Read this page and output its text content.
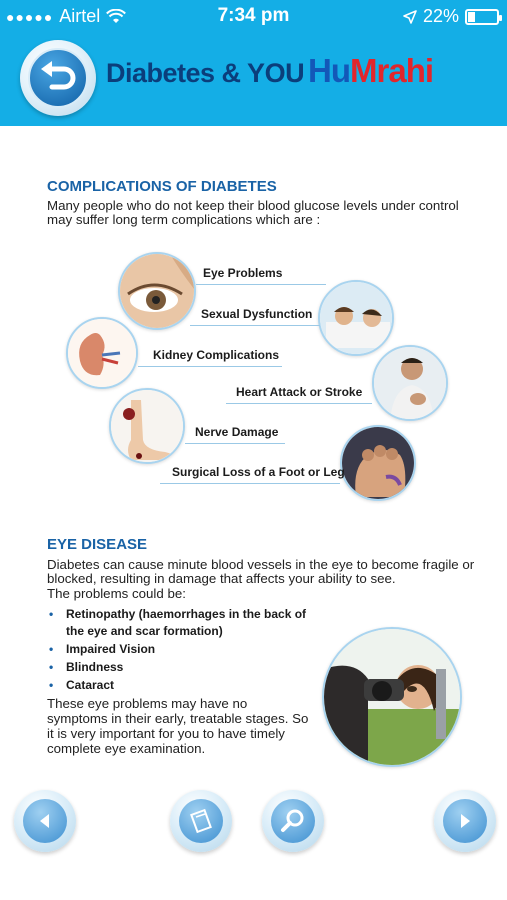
●●●●● Airtel	7:34 pm	22%
Diabetes & YOU HuMrahi
COMPLICATIONS OF DIABETES
Many people who do not keep their blood glucose levels under control may suffer long term complications which are :
Eye Problems
Sexual Dysfunction
Kidney Complications
Heart Attack or Stroke
Nerve Damage
Surgical Loss of a Foot or Leg
EYE DISEASE
Diabetes can cause minute blood vessels in the eye to become fragile or blocked, resulting in damage that affects your ability to see.
The problems could be:
• Retinopathy (haemorrhages in the back of the eye and scar formation)
• Impaired Vision
• Blindness
• Cataract
These eye problems may have no symptoms in their early, treatable stages. So it is very important for you to have timely complete eye examination.
